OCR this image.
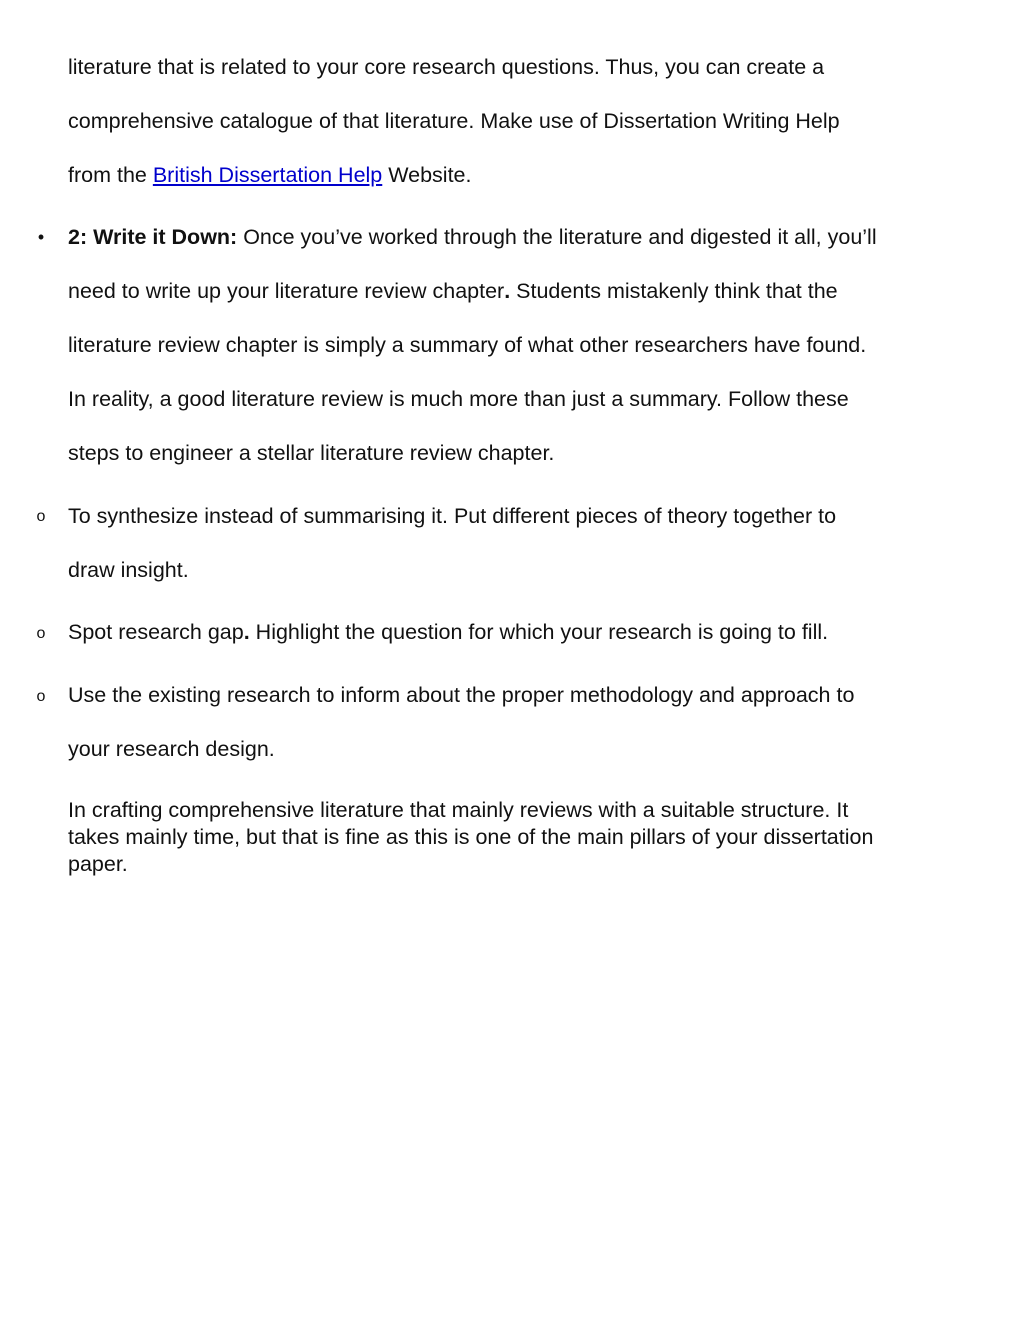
literature that is related to your core research questions. Thus, you can create a
comprehensive catalogue of that literature. Make use of Dissertation Writing Help
from the British Dissertation Help Website.
•	2: Write it Down: Once you’ve worked through the literature and digested it all, you’ll
need to write up your literature review chapter. Students mistakenly think that the
literature review chapter is simply a summary of what other researchers have found.
In reality, a good literature review is much more than just a summary. Follow these
steps to engineer a stellar literature review chapter.
o To synthesize instead of summarising it. Put different pieces of theory together to
draw insight.
o Spot research gap. Highlight the question for which your research is going to fill.
o Use the existing research to inform about the proper methodology and approach to
your research design.
In crafting comprehensive literature that mainly reviews with a suitable structure. It
takes mainly time, but that is fine as this is one of the main pillars of your dissertation
paper.
